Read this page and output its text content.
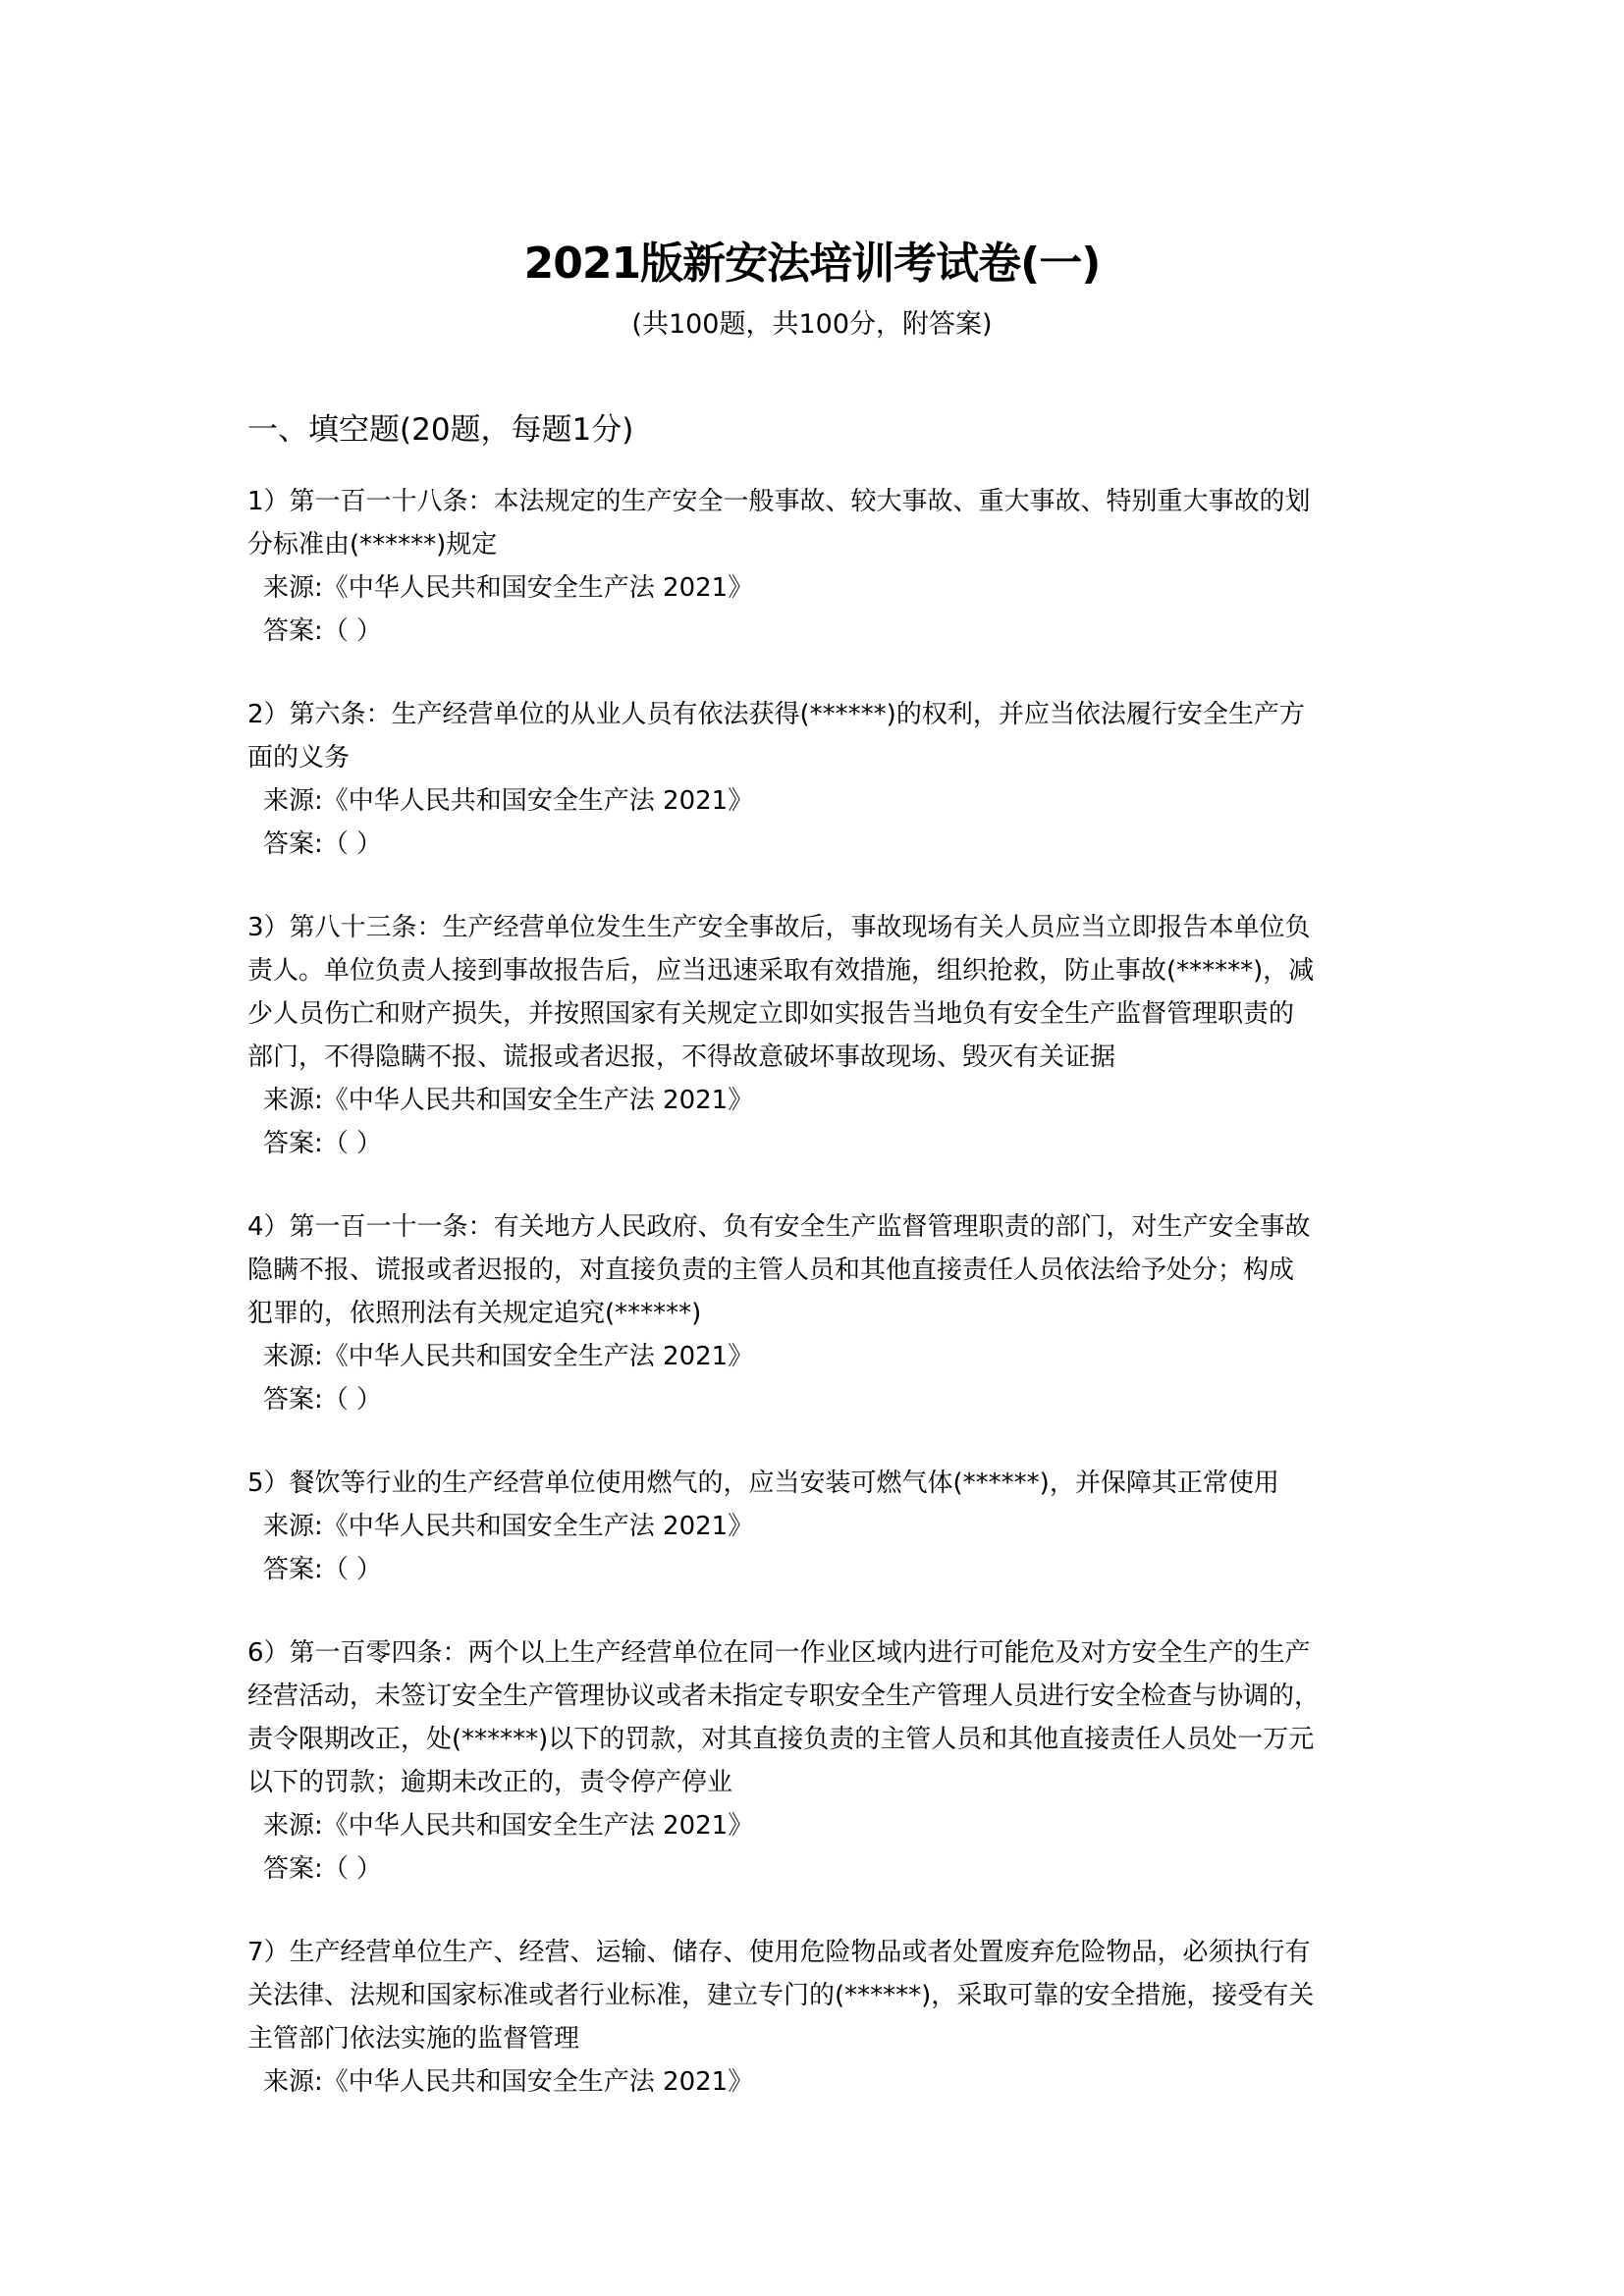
2021版新安法培训考试卷(一)
(共100题，共100分，附答案)
一、填空题(20题，每题1分)
1）第一百一十八条：本法规定的生产安全一般事故、较大事故、重大事故、特别重大事故的划
分标准由(******)规定
来源:《中华人民共和国安全生产法 2021》
答案:（ ）
2）第六条：生产经营单位的从业人员有依法获得(******)的权利，并应当依法履行安全生产方
面的义务
来源:《中华人民共和国安全生产法 2021》
答案:（ ）
3）第八十三条：生产经营单位发生生产安全事故后，事故现场有关人员应当立即报告本单位负
责人。单位负责人接到事故报告后，应当迅速采取有效措施，组织抢救，防止事故(******)，减
少人员伤亡和财产损失，并按照国家有关规定立即如实报告当地负有安全生产监督管理职责的
部门，不得隐瞒不报、谎报或者迟报，不得故意破坏事故现场、毁灭有关证据
来源:《中华人民共和国安全生产法 2021》
答案:（ ）
4）第一百一十一条：有关地方人民政府、负有安全生产监督管理职责的部门，对生产安全事故
隐瞒不报、谎报或者迟报的，对直接负责的主管人员和其他直接责任人员依法给予处分；构成
犯罪的，依照刑法有关规定追究(******)
来源:《中华人民共和国安全生产法 2021》
答案:（ ）
5）餐饮等行业的生产经营单位使用燃气的，应当安装可燃气体(******)，并保障其正常使用
来源:《中华人民共和国安全生产法 2021》
答案:（ ）
6）第一百零四条：两个以上生产经营单位在同一作业区域内进行可能危及对方安全生产的生产
经营活动，未签订安全生产管理协议或者未指定专职安全生产管理人员进行安全检查与协调的，
责令限期改正，处(******)以下的罚款，对其直接负责的主管人员和其他直接责任人员处一万元
以下的罚款；逾期未改正的，责令停产停业
来源:《中华人民共和国安全生产法 2021》
答案:（ ）
7）生产经营单位生产、经营、运输、储存、使用危险物品或者处置废弃危险物品，必须执行有
关法律、法规和国家标准或者行业标准，建立专门的(******)，采取可靠的安全措施，接受有关
主管部门依法实施的监督管理
来源:《中华人民共和国安全生产法 2021》
